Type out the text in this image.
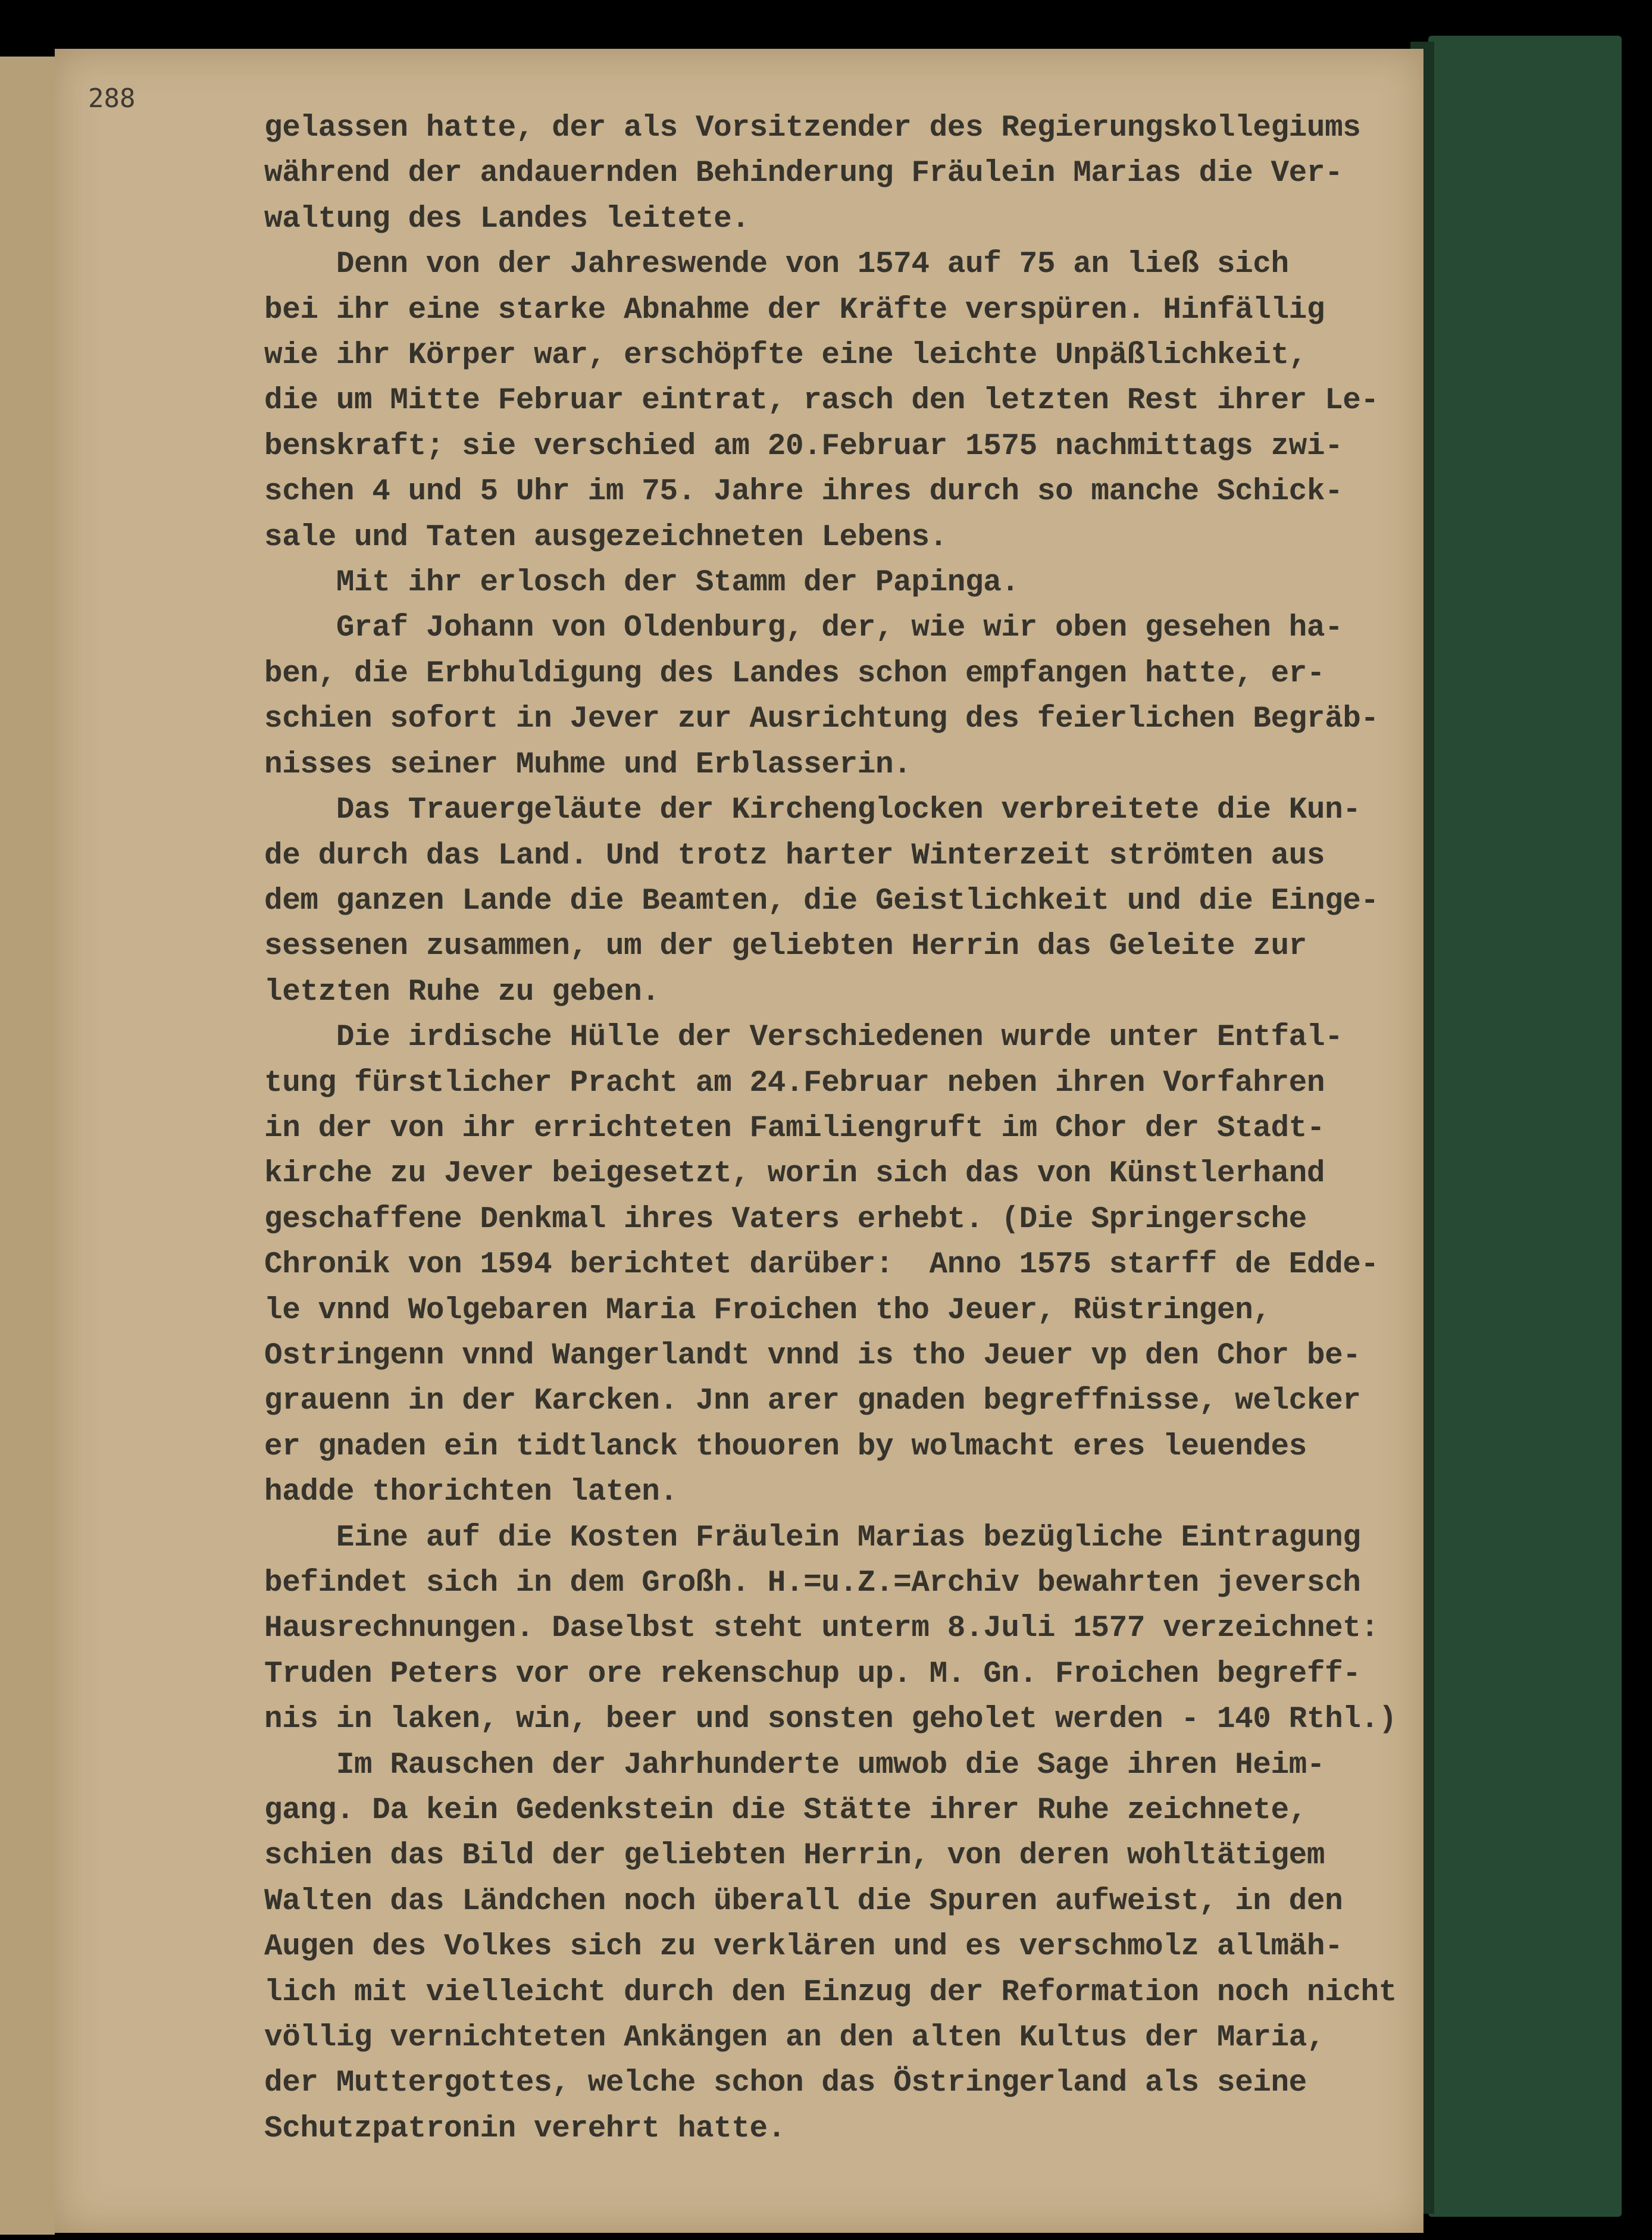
288

gelassen hatte, der als Vorsitzender des Regierungskollegiums
während der andauernden Behinderung Fräulein Marias die Ver-
waltung des Landes leitete.
Denn von der Jahreswende von 1574 auf 75 an ließ sich
bei ihr eine starke Abnahme der Kräfte verspüren. Hinfällig
wie ihr Körper war, erschöpfte eine leichte Unpäßlichkeit,
die um Mitte Februar eintrat, rasch den letzten Rest ihrer Le-
benskraft; sie verschied am 20.Februar 1575 nachmittags zwi-
schen 4 und 5 Uhr im 75. Jahre ihres durch so manche Schick-
sale und Taten ausgezeichneten Lebens.
Mit ihr erlosch der Stamm der Papinga.
Graf Johann von Oldenburg, der, wie wir oben gesehen ha-
ben, die Erbhuldigung des Landes schon empfangen hatte, er-
schien sofort in Jever zur Ausrichtung des feierlichen Begräb-
nisses seiner Muhme und Erblasserin.
Das Trauergeläute der Kirchenglocken verbreitete die Kun-
de durch das Land. Und trotz harter Winterzeit strömten aus
dem ganzen Lande die Beamten, die Geistlichkeit und die Einge-
sessenen zusammen, um der geliebten Herrin das Geleite zur
letzten Ruhe zu geben.
Die irdische Hülle der Verschiedenen wurde unter Entfal-
tung fürstlicher Pracht am 24.Februar neben ihren Vorfahren
in der von ihr errichteten Familiengruft im Chor der Stadt-
kirche zu Jever beigesetzt, worin sich das von Künstlerhand
geschaffene Denkmal ihres Vaters erhebt. (Die Springersche
Chronik von 1594 berichtet darüber:  Anno 1575 starff de Edde-
le vnnd Wolgebaren Maria Froichen tho Jeuer, Rüstringen,
Ostringenn vnnd Wangerlandt vnnd is tho Jeuer vp den Chor be-
grauenn in der Karcken. Jnn arer gnaden begreffnisse, welcker
er gnaden ein tidtlanck thouoren by wolmacht eres leuendes
hadde thorichten laten.
Eine auf die Kosten Fräulein Marias bezügliche Eintragung
befindet sich in dem Großh. H.=u.Z.=Archiv bewahrten jeversch
Hausrechnungen. Daselbst steht unterm 8.Juli 1577 verzeichnet:
Truden Peters vor ore rekenschup up. M. Gn. Froichen begreff-
nis in laken, win, beer und sonsten geholet werden - 140 Rthl.)
Im Rauschen der Jahrhunderte umwob die Sage ihren Heim-
gang. Da kein Gedenkstein die Stätte ihrer Ruhe zeichnete,
schien das Bild der geliebten Herrin, von deren wohltätigem
Walten das Ländchen noch überall die Spuren aufweist, in den
Augen des Volkes sich zu verklären und es verschmolz allmäh-
lich mit vielleicht durch den Einzug der Reformation noch nicht
völlig vernichteten Ankängen an den alten Kultus der Maria,
der Muttergottes, welche schon das Östringerland als seine
Schutzpatronin verehrt hatte.
